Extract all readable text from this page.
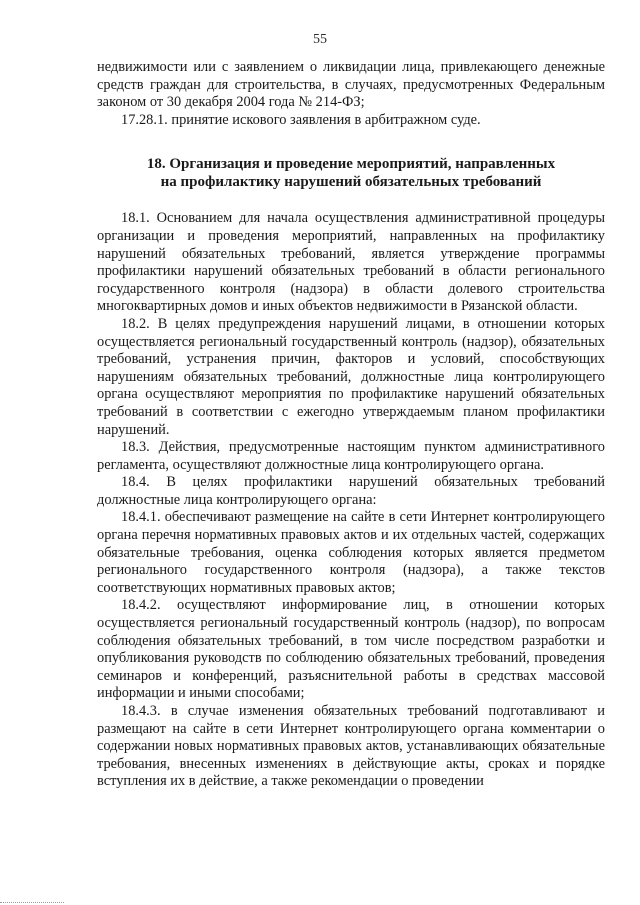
55

недвижимости или с заявлением о ликвидации лица, привлекающего денежные средств граждан для строительства, в случаях, предусмотренных Федеральным законом от 30 декабря 2004 года № 214-ФЗ;

17.28.1. принятие искового заявления в арбитражном суде.

18. Организация и проведение мероприятий, направленных
на профилактику нарушений обязательных требований

18.1. Основанием для начала осуществления административной процедуры организации и проведения мероприятий, направленных на профилактику нарушений обязательных требований, является утверждение программы профилактики нарушений обязательных требований в области регионального государственного контроля (надзора) в области долевого строительства многоквартирных домов и иных объектов недвижимости в Рязанской области.

18.2. В целях предупреждения нарушений лицами, в отношении которых осуществляется региональный государственный контроль (надзор), обязательных требований, устранения причин, факторов и условий, способствующих нарушениям обязательных требований, должностные лица контролирующего органа осуществляют мероприятия по профилактике нарушений обязательных требований в соответствии с ежегодно утверждаемым планом профилактики нарушений.

18.3. Действия, предусмотренные настоящим пунктом административного регламента, осуществляют должностные лица контролирующего органа.

18.4. В целях профилактики нарушений обязательных требований должностные лица контролирующего органа:

18.4.1. обеспечивают размещение на сайте в сети Интернет контролирующего органа перечня нормативных правовых актов и их отдельных частей, содержащих обязательные требования, оценка соблюдения которых является предметом регионального государственного контроля (надзора), а также текстов соответствующих нормативных правовых актов;

18.4.2. осуществляют информирование лиц, в отношении которых осуществляется региональный государственный контроль (надзор), по вопросам соблюдения обязательных требований, в том числе посредством разработки и опубликования руководств по соблюдению обязательных требований, проведения семинаров и конференций, разъяснительной работы в средствах массовой информации и иными способами;

18.4.3. в случае изменения обязательных требований подготавливают и размещают на сайте в сети Интернет контролирующего органа комментарии о содержании новых нормативных правовых актов, устанавливающих обязательные требования, внесенных изменениях в действующие акты, сроках и порядке вступления их в действие, а также рекомендации о проведении
